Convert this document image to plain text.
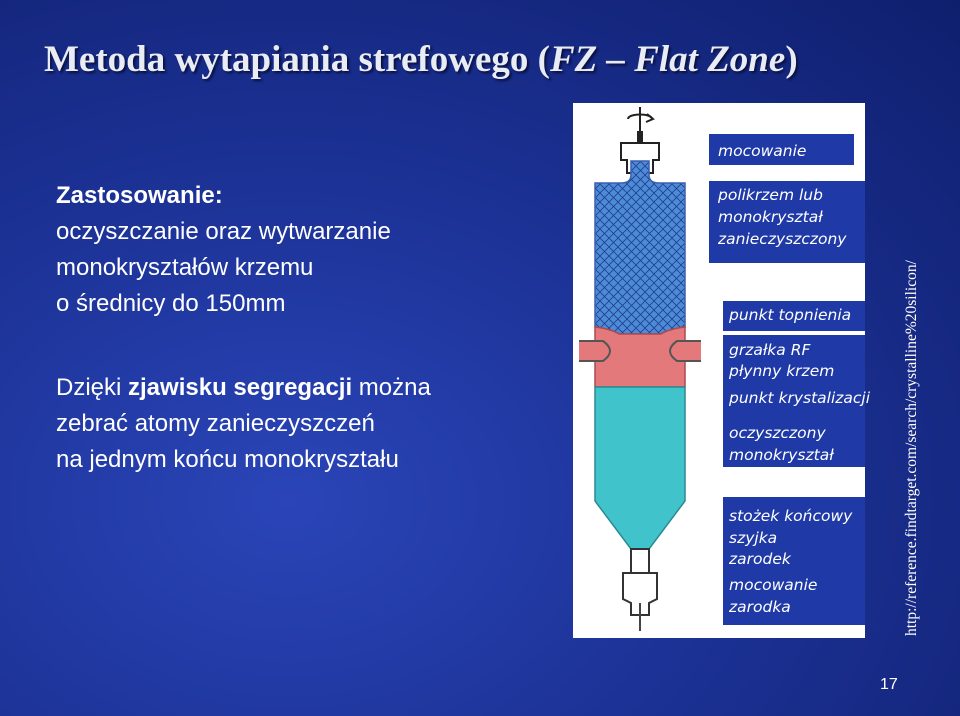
Metoda wytapiania strefowego (FZ – Flat Zone)
Zastosowanie:
oczyszczanie oraz wytwarzanie
monokryształów krzemu
o średnicy do 150mm
Dzięki zjawisku segregacji można
zebrać atomy zanieczyszczeń
na jednym końcu monokryształu
mocowanie
polikrzem lub
monokryształ
zanieczyszczony
punkt topnienia
grzałka RF
płynny krzem
punkt krystalizacji
oczyszczony
monokryształ
stożek końcowy
szyjka
zarodek
mocowanie
zarodka	http://reference.findtarget.com/search/crystalline%20silicon/
17
